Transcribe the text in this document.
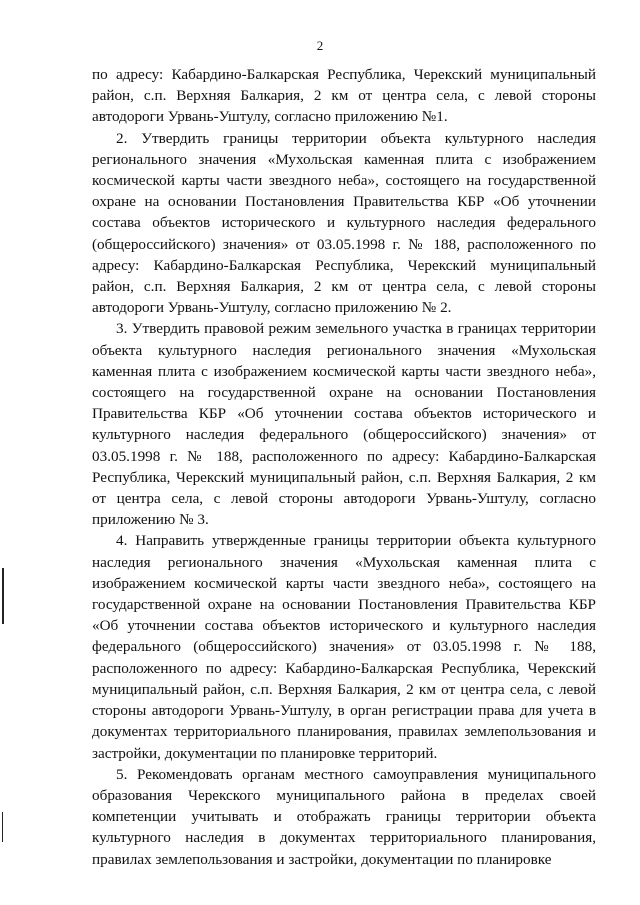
2

по адресу: Кабардино-Балкарская Республика, Черекский муниципальный район, с.п. Верхняя Балкария, 2 км от центра села, с левой стороны автодороги Урвань-Уштулу, согласно приложению №1.

2. Утвердить границы территории объекта культурного наследия регионального значения «Мухольская каменная плита с изображением космической карты части звездного неба», состоящего на государственной охране на основании Постановления Правительства КБР «Об уточнении состава объектов исторического и культурного наследия федерального (общероссийского) значения» от 03.05.1998 г. № 188, расположенного по адресу: Кабардино-Балкарская Республика, Черекский муниципальный район, с.п. Верхняя Балкария, 2 км от центра села, с левой стороны автодороги Урвань-Уштулу, согласно приложению № 2.

3. Утвердить правовой режим земельного участка в границах территории объекта культурного наследия регионального значения «Мухольская каменная плита с изображением космической карты части звездного неба», состоящего на государственной охране на основании Постановления Правительства КБР «Об уточнении состава объектов исторического и культурного наследия федерального (общероссийского) значения» от 03.05.1998 г. № 188, расположенного по адресу: Кабардино-Балкарская Республика, Черекский муниципальный район, с.п. Верхняя Балкария, 2 км от центра села, с левой стороны автодороги Урвань-Уштулу, согласно приложению № 3.

4. Направить утвержденные границы территории объекта культурного наследия регионального значения «Мухольская каменная плита с изображением космической карты части звездного неба», состоящего на государственной охране на основании Постановления Правительства КБР «Об уточнении состава объектов исторического и культурного наследия федерального (общероссийского) значения» от 03.05.1998 г. № 188, расположенного по адресу: Кабардино-Балкарская Республика, Черекский муниципальный район, с.п. Верхняя Балкария, 2 км от центра села, с левой стороны автодороги Урвань-Уштулу, в орган регистрации права для учета в документах территориального планирования, правилах землепользования и застройки, документации по планировке территорий.

5. Рекомендовать органам местного самоуправления муниципального образования Черекского муниципального района в пределах своей компетенции учитывать и отображать границы территории объекта культурного наследия в документах территориального планирования, правилах землепользования и застройки, документации по планировке
